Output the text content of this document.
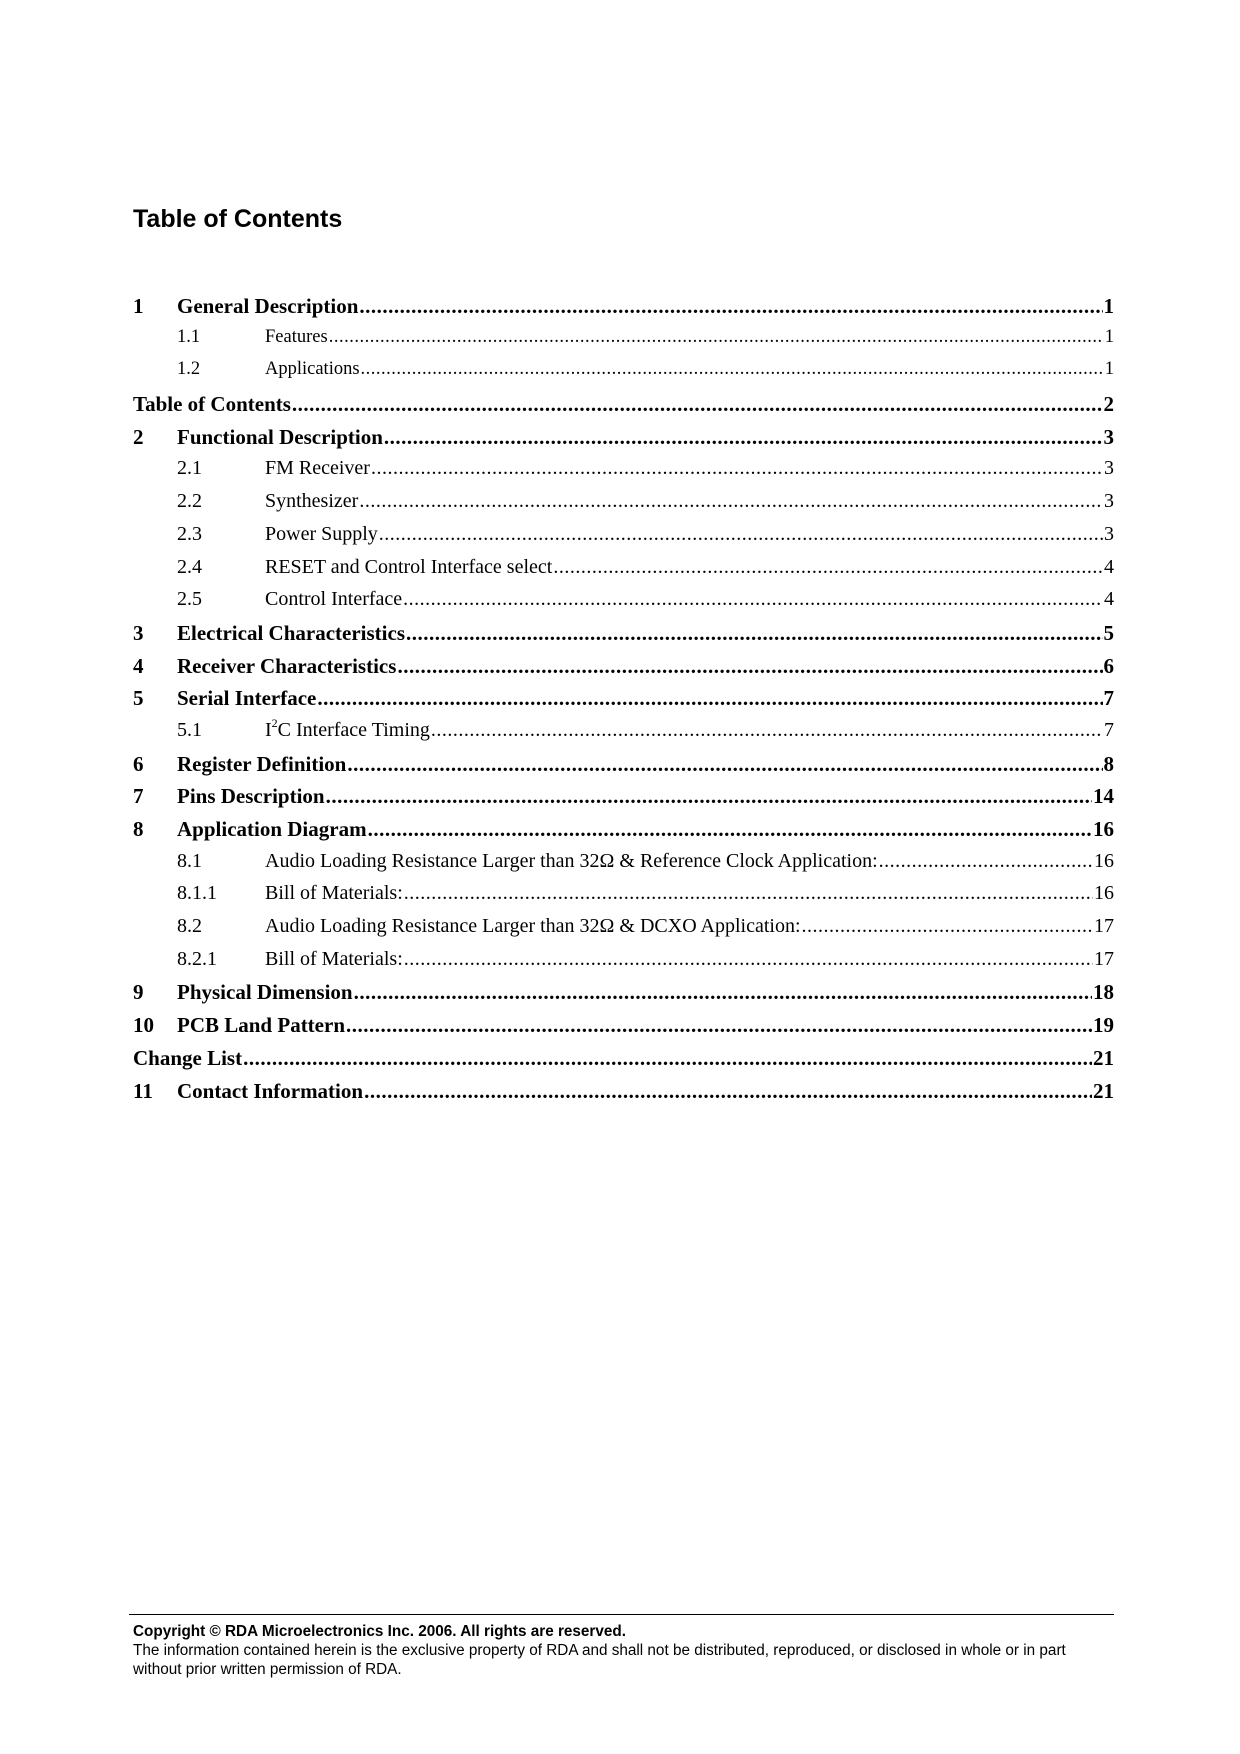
Table of Contents
1	General Description .....	1
1.1	Features .....	1
1.2	Applications .....	1
Table of Contents .....	2
2	Functional Description .....	3
2.1	FM Receiver .....	3
2.2	Synthesizer .....	3
2.3	Power Supply .....	3
2.4	RESET and Control Interface select .....	4
2.5	Control Interface .....	4
3	Electrical Characteristics .....	5
4	Receiver Characteristics .....	6
5	Serial Interface .....	7
5.1	$I^2C$ Interface Timing .....	7
6	Register Definition .....	8
7	Pins Description .....	14
8	Application Diagram .....	16
8.1	Audio Loading Resistance Larger than 32Ω & Reference Clock Application: .....	16
8.1.1	Bill of Materials: .....	16
8.2	Audio Loading Resistance Larger than 32Ω & DCXO Application: .....	17
8.2.1	Bill of Materials: .....	17
9	Physical Dimension .....	18
10	PCB Land Pattern .....	19
Change List .....	21
11	Contact Information .....	21
Copyright © RDA Microelectronics Inc. 2006. All rights are reserved.
The information contained herein is the exclusive property of RDA and shall not be distributed, reproduced, or disclosed in whole or in part without prior written permission of RDA.
